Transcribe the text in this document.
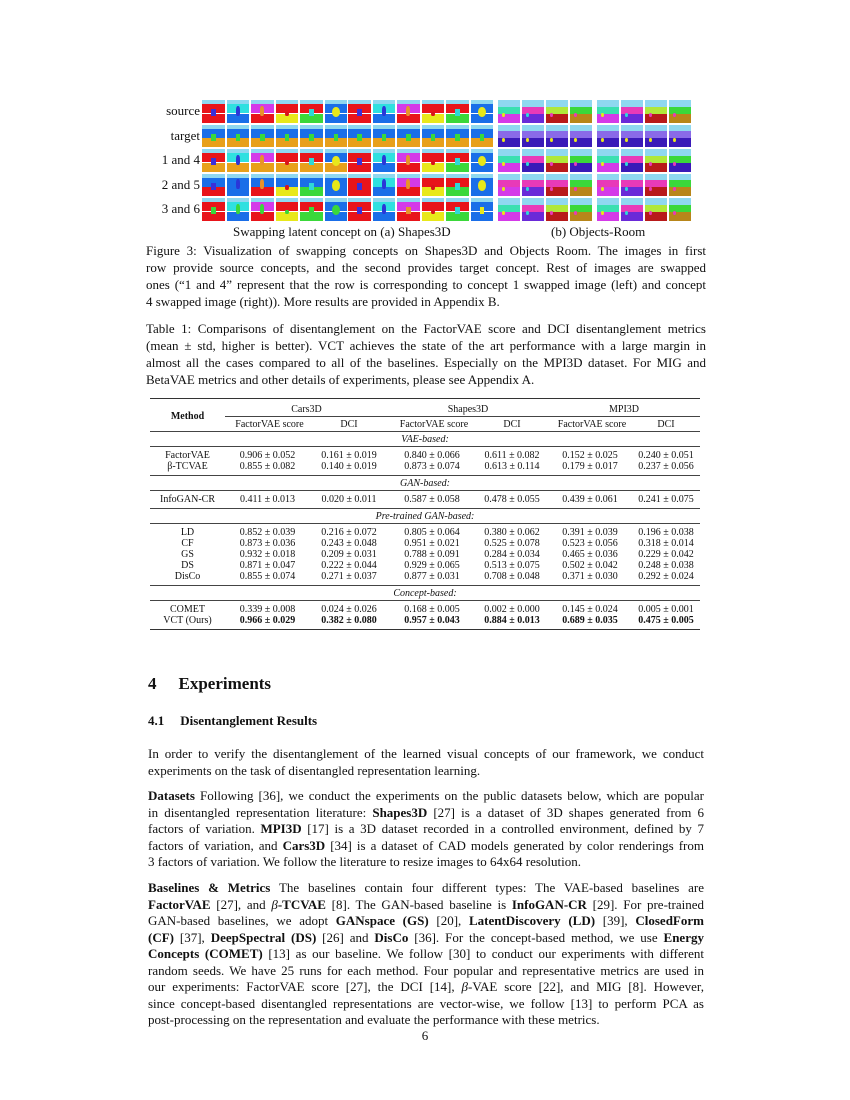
source
target
1 and 4
2 and 5
3 and 6
Swapping latent concept on (a) Shapes3D	(b) Objects-Room
Figure 3: Visualization of swapping concepts on Shapes3D and Objects Room. The images in first
row provide source concepts, and the second provides target concept. Rest of images are swapped
ones (“1 and 4” represent that the row is corresponding to concept 1 swapped image (left) and concept
4 swapped image (right)). More results are provided in Appendix B.
Table 1: Comparisons of disentanglement on the FactorVAE score and DCI disentanglement metrics
(mean ± std, higher is better). VCT achieves the state of the art performance with a large margin in
almost all the cases compared to all of the baselines. Especially on the MPI3D dataset. For MIG and
BetaVAE metrics and other details of experiments, please see Appendix A.
Method	Cars3D		Shapes3D		MPI3D	
	FactorVAE score	DCI	FactorVAE score	DCI	FactorVAE score	DCI
VAE-based:						
FactorVAE	0.906 ± 0.052	0.161 ± 0.019	0.840 ± 0.066	0.611 ± 0.082	0.152 ± 0.025	0.240 ± 0.051
β-TCVAE	0.855 ± 0.082	0.140 ± 0.019	0.873 ± 0.074	0.613 ± 0.114	0.179 ± 0.017	0.237 ± 0.056
GAN-based:						
InfoGAN-CR	0.411 ± 0.013	0.020 ± 0.011	0.587 ± 0.058	0.478 ± 0.055	0.439 ± 0.061	0.241 ± 0.075
Pre-trained GAN-based:						
LD	0.852 ± 0.039	0.216 ± 0.072	0.805 ± 0.064	0.380 ± 0.062	0.391 ± 0.039	0.196 ± 0.038
CF	0.873 ± 0.036	0.243 ± 0.048	0.951 ± 0.021	0.525 ± 0.078	0.523 ± 0.056	0.318 ± 0.014
GS	0.932 ± 0.018	0.209 ± 0.031	0.788 ± 0.091	0.284 ± 0.034	0.465 ± 0.036	0.229 ± 0.042
DS	0.871 ± 0.047	0.222 ± 0.044	0.929 ± 0.065	0.513 ± 0.075	0.502 ± 0.042	0.248 ± 0.038
DisCo	0.855 ± 0.074	0.271 ± 0.037	0.877 ± 0.031	0.708 ± 0.048	0.371 ± 0.030	0.292 ± 0.024
Concept-based:						
COMET	0.339 ± 0.008	0.024 ± 0.026	0.168 ± 0.005	0.002 ± 0.000	0.145 ± 0.024	0.005 ± 0.001
VCT (Ours)	0.966 ± 0.029	0.382 ± 0.080	0.957 ± 0.043	0.884 ± 0.013	0.689 ± 0.035	0.475 ± 0.005
4 Experiments
4.1 Disentanglement Results
In order to verify the disentanglement of the learned visual concepts of our framework, we conduct
experiments on the task of disentangled representation learning.
Datasets Following [36], we conduct the experiments on the public datasets below, which are popular
in disentangled representation literature: Shapes3D [27] is a dataset of 3D shapes generated from 6
factors of variation. MPI3D [17] is a 3D dataset recorded in a controlled environment, defined by 7
factors of variation, and Cars3D [34] is a dataset of CAD models generated by color renderings from
3 factors of variation. We follow the literature to resize images to 64x64 resolution.
Baselines & Metrics The baselines contain four different types: The VAE-based baselines are
FactorVAE [27], and β-TCVAE [8]. The GAN-based baseline is InfoGAN-CR [29]. For pre-trained
GAN-based baselines, we adopt GANspace (GS) [20], LatentDiscovery (LD) [39], ClosedForm
(CF) [37], DeepSpectral (DS) [26] and DisCo [36]. For the concept-based method, we use Energy
Concepts (COMET) [13] as our baseline. We follow [30] to conduct our experiments with different
random seeds. We have 25 runs for each method. Four popular and representative metrics are used in
our experiments: FactorVAE score [27], the DCI [14], β-VAE score [22], and MIG [8]. However,
since concept-based disentangled representations are vector-wise, we follow [13] to perform PCA as
post-processing on the representation and evaluate the performance with these metrics.
6
